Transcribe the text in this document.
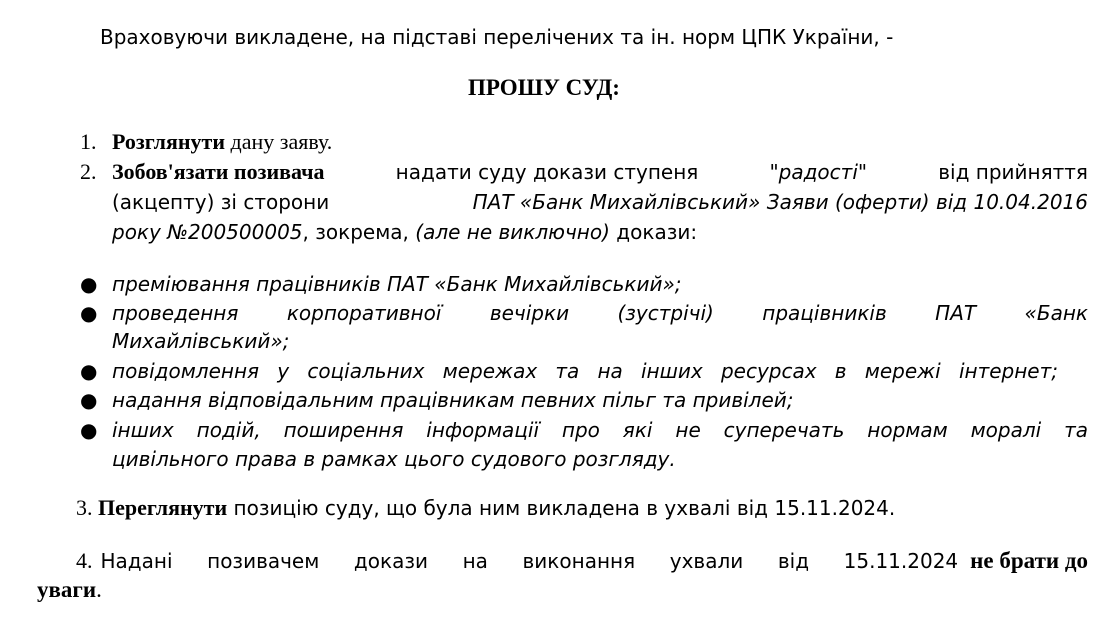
Враховуючи викладене, на підставі перелічених та ін. норм ЦПК України, -
ПРОШУ СУД:
1. Розглянути дану заяву.
2. Зобов'язати позивача	надати суду докази ступеня	"радості"	від прийняття
(акцепту) зі сторони	ПАТ «Банк Михайлівський» Заяви (оферти) від 10.04.2016
року №200500005, зокрема, (але не виключно) докази:
● преміювання працівників ПАТ «Банк Михайлівський»;
● проведення корпоративної вечірки (зустрічі) працівників ПАТ «Банк
Михайлівський»;
● повідомлення у соціальних мережах та на інших ресурсах в мережі інтернет;
● надання відповідальним працівникам певних пільг та привілей;
● інших подій, поширення інформації про які не суперечать нормам моралі та
цивільного права в рамках цього судового розгляду.
3. Переглянути позицію суду, що була ним викладена в ухвалі від 15.11.2024.
4. Надані позивачем докази на виконання ухвали від 15.11.2024 не брати до
уваги.
